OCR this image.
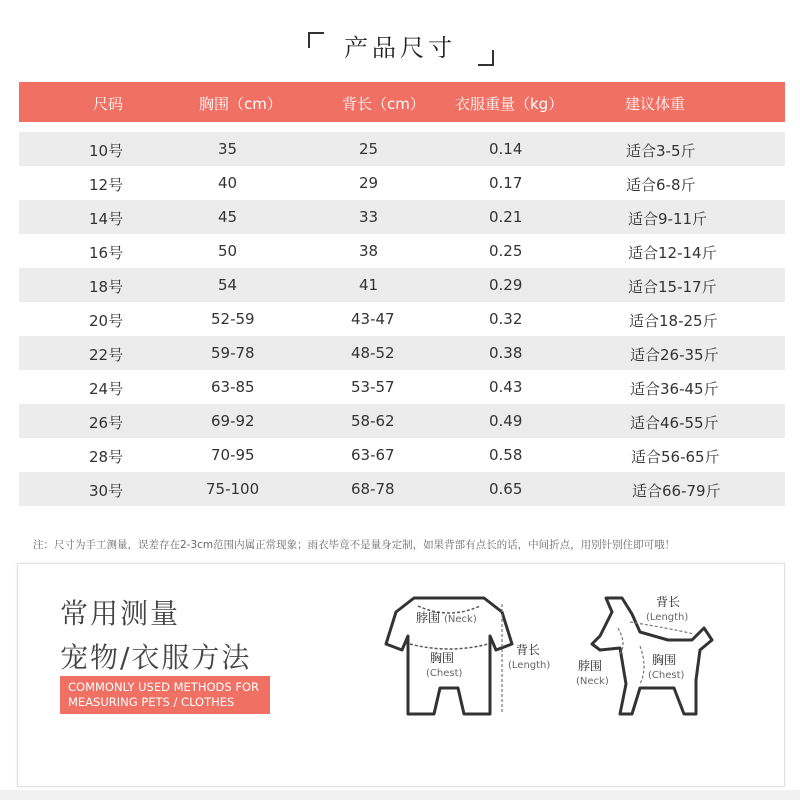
产品尺寸
尺码	胸围（cm）	背长（cm） 衣服重量（kg）	建议体重
10号	35	25	0.14	适合3-5斤
12号	40	29	0.17	适合6-8斤
14号	45	33	0.21	适合9-11斤
16号	50	38	0.25	适合12-14斤
18号	54	41	0.29	适合15-17斤
20号	52-59	43-47	0.32	适合18-25斤
22号	59-78	48-52	0.38	适合26-35斤
24号	63-85	53-57	0.43	适合36-45斤
26号	69-92	58-62	0.49	适合46-55斤
28号	70-95	63-67	0.58	适合56-65斤
30号	75-100	68-78	0.65	适合66-79斤
注：尺寸为手工测量，误差存在2-3cm范围内属正常现象；雨衣毕竟不是量身定制，如果背部有点长的话，中间折点，用别针别住即可哦！
常用测量
宠物/衣服方法
COMMONLY USED METHODS FOR
MEASURING PETS / CLOTHES
脖围 (Neck)
胸围
(Chest)
背长
(Length)
背长
(Length)
脖围
(Neck)
胸围
(Chest)
